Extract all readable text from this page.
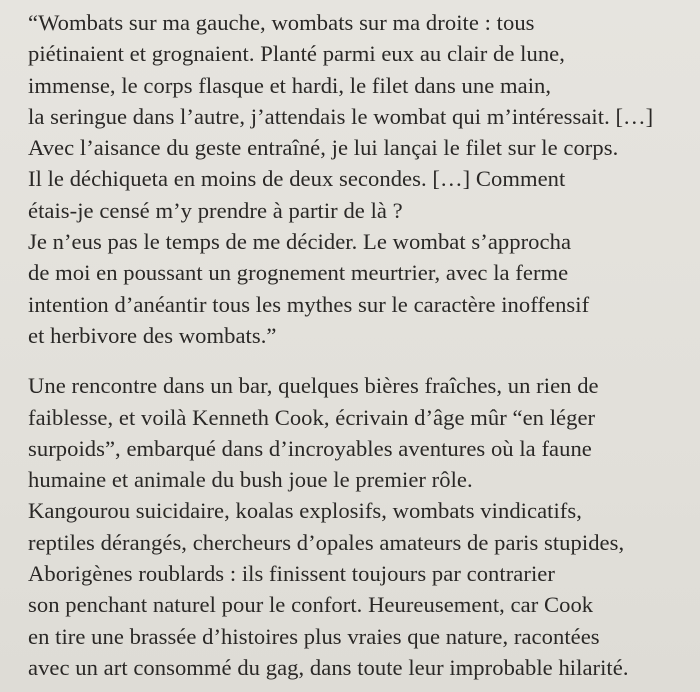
“Wombats sur ma gauche, wombats sur ma droite : tous
piétinaient et grognaient. Planté parmi eux au clair de lune,
immense, le corps flasque et hardi, le filet dans une main,
la seringue dans l’autre, j’attendais le wombat qui m’intéressait. […]
Avec l’aisance du geste entraîné, je lui lançai le filet sur le corps.
Il le déchiqueta en moins de deux secondes. […] Comment
étais-je censé m’y prendre à partir de là ?
Je n’eus pas le temps de me décider. Le wombat s’approcha
de moi en poussant un grognement meurtrier, avec la ferme
intention d’anéantir tous les mythes sur le caractère inoffensif
et herbivore des wombats.”
Une rencontre dans un bar, quelques bières fraîches, un rien de
faiblesse, et voilà Kenneth Cook, écrivain d’âge mûr “en léger
surpoids”, embarqué dans d’incroyables aventures où la faune
humaine et animale du bush joue le premier rôle.
Kangourou suicidaire, koalas explosifs, wombats vindicatifs,
reptiles dérangés, chercheurs d’opales amateurs de paris stupides,
Aborigènes roublards : ils finissent toujours par contrarier
son penchant naturel pour le confort. Heureusement, car Cook
en tire une brassée d’histoires plus vraies que nature, racontées
avec un art consommé du gag, dans toute leur improbable hilarité.
